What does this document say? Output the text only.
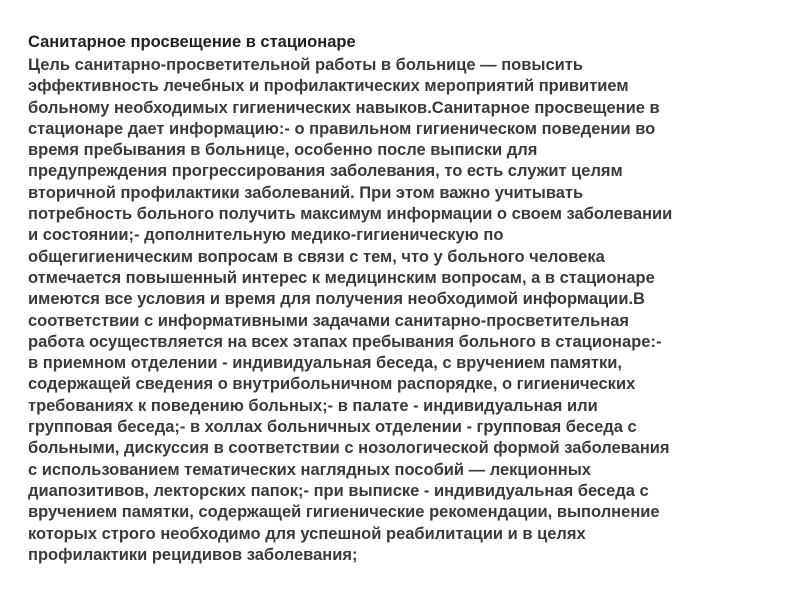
Санитарное просвещение в стационаре
Цель санитарно-просветительной работы в больнице — повысить
эффективность лечебных и профилактических мероприятий привитием
больному необходимых гигиенических навыков.Санитарное просвещение в
стационаре дает информацию:- о правильном гигиеническом поведении во
время пребывания в больнице, особенно после выписки для
предупреждения прогрессирования заболевания, то есть служит целям
вторичной профилактики заболеваний. При этом важно учитывать
потребность больного получить максимум информации о своем заболевании
и состоянии;- дополнительную медико-гигиеническую по
общегигиеническим вопросам в связи с тем, что у больного человека
отмечается повышенный интерес к медицинским вопросам, а в стационаре
имеются все условия и время для получения необходимой информации.В
соответствии с информативными задачами санитарно-просветительная
работа осуществляется на всех этапах пребывания больного в стационаре:-
в приемном отделении - индивидуальная беседа, с вручением памятки,
содержащей сведения о внутрибольничном распорядке, о гигиенических
требованиях к поведению больных;- в палате - индивидуальная или
групповая беседа;- в холлах больничных отделении - групповая беседа с
больными, дискуссия в соответствии с нозологической формой заболевания
с использованием тематических наглядных пособий — лекционных
диапозитивов, лекторских папок;- при выписке - индивидуальная беседа с
вручением памятки, содержащей гигиенические рекомендации, выполнение
которых строго необходимо для успешной реабилитации и в целях
профилактики рецидивов заболевания;
